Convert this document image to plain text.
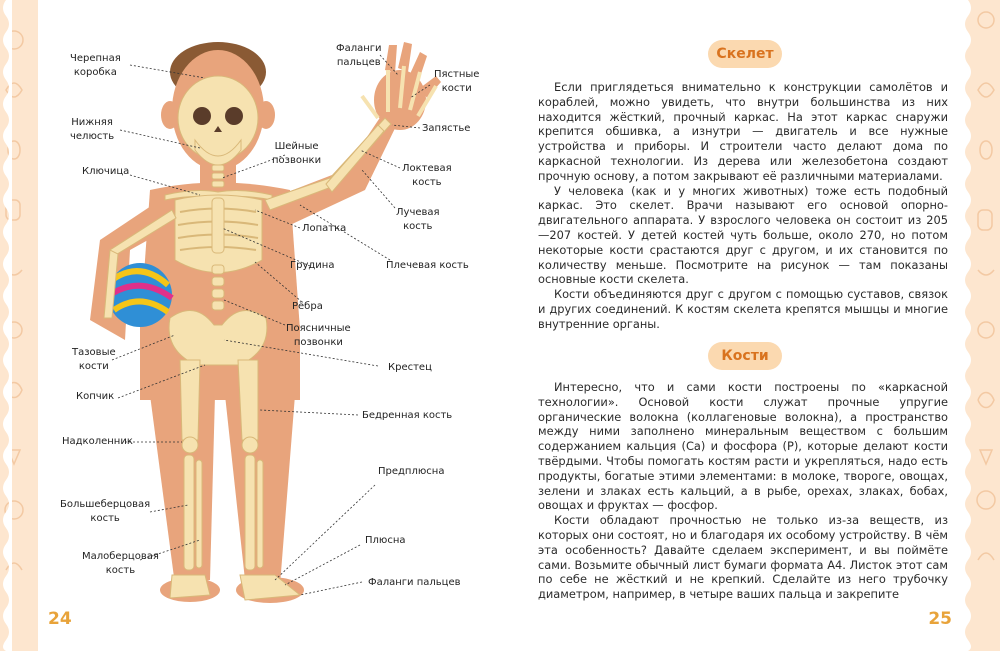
24	25
Черепная
коробка
Нижняя
челюсть
Ключица
Тазовые
кости
Копчик
Надколенник
Большеберцовая
кость
Малоберцовая
кость
Фаланги
пальцев
Пястные
кости
Запястье
Шейные
позвонки
Локтевая
кость
Лучевая
кость
Лопатка
Плечевая кость
Грудина
Рёбра
Поясничные
позвонки
Крестец
Бедренная кость
Предплюсна
Плюсна
Фаланги пальцев
Скелет

Если приглядеться внимательно к конструкции самолётов и кораблей, можно увидеть, что внутри большинства из них находится жёсткий, прочный каркас. На этот каркас снаружи крепится обшивка, а изнутри — двигатель и все нужные устройства и приборы. И строители часто делают дома по каркасной технологии. Из дерева или железобетона создают прочную основу, а потом закрывают её различными материалами.

У человека (как и у многих животных) тоже есть подобный каркас. Это скелет. Врачи называют его основой опорно-двигательного аппарата. У взрослого человека он состоит из 205—207 костей. У детей костей чуть больше, около 270, но потом некоторые кости срастаются друг с другом, и их становится по количеству меньше. Посмотрите на рисунок — там показаны основные кости скелета.

Кости объединяются друг с другом с помощью суставов, связок и других соединений. К костям скелета крепятся мышцы и многие внутренние органы.

Кости

Интересно, что и сами кости построены по «каркасной технологии». Основой кости служат прочные упругие органические волокна (коллагеновые волокна), а пространство между ними заполнено минеральным веществом с большим содержанием кальция (Ca) и фосфора (P), которые делают кости твёрдыми. Чтобы помогать костям расти и укрепляться, надо есть продукты, богатые этими элементами: в молоке, твороге, овощах, зелени и злаках есть кальций, а в рыбе, орехах, злаках, бобах, овощах и фруктах — фосфор.

Кости обладают прочностью не только из-за веществ, из которых они состоят, но и благодаря их особому устройству. В чём эта особенность? Давайте сделаем эксперимент, и вы поймёте сами. Возьмите обычный лист бумаги формата А4. Листок этот сам по себе не жёсткий и не крепкий. Сделайте из него трубочку диаметром, например, в четыре ваших пальца и закрепите
